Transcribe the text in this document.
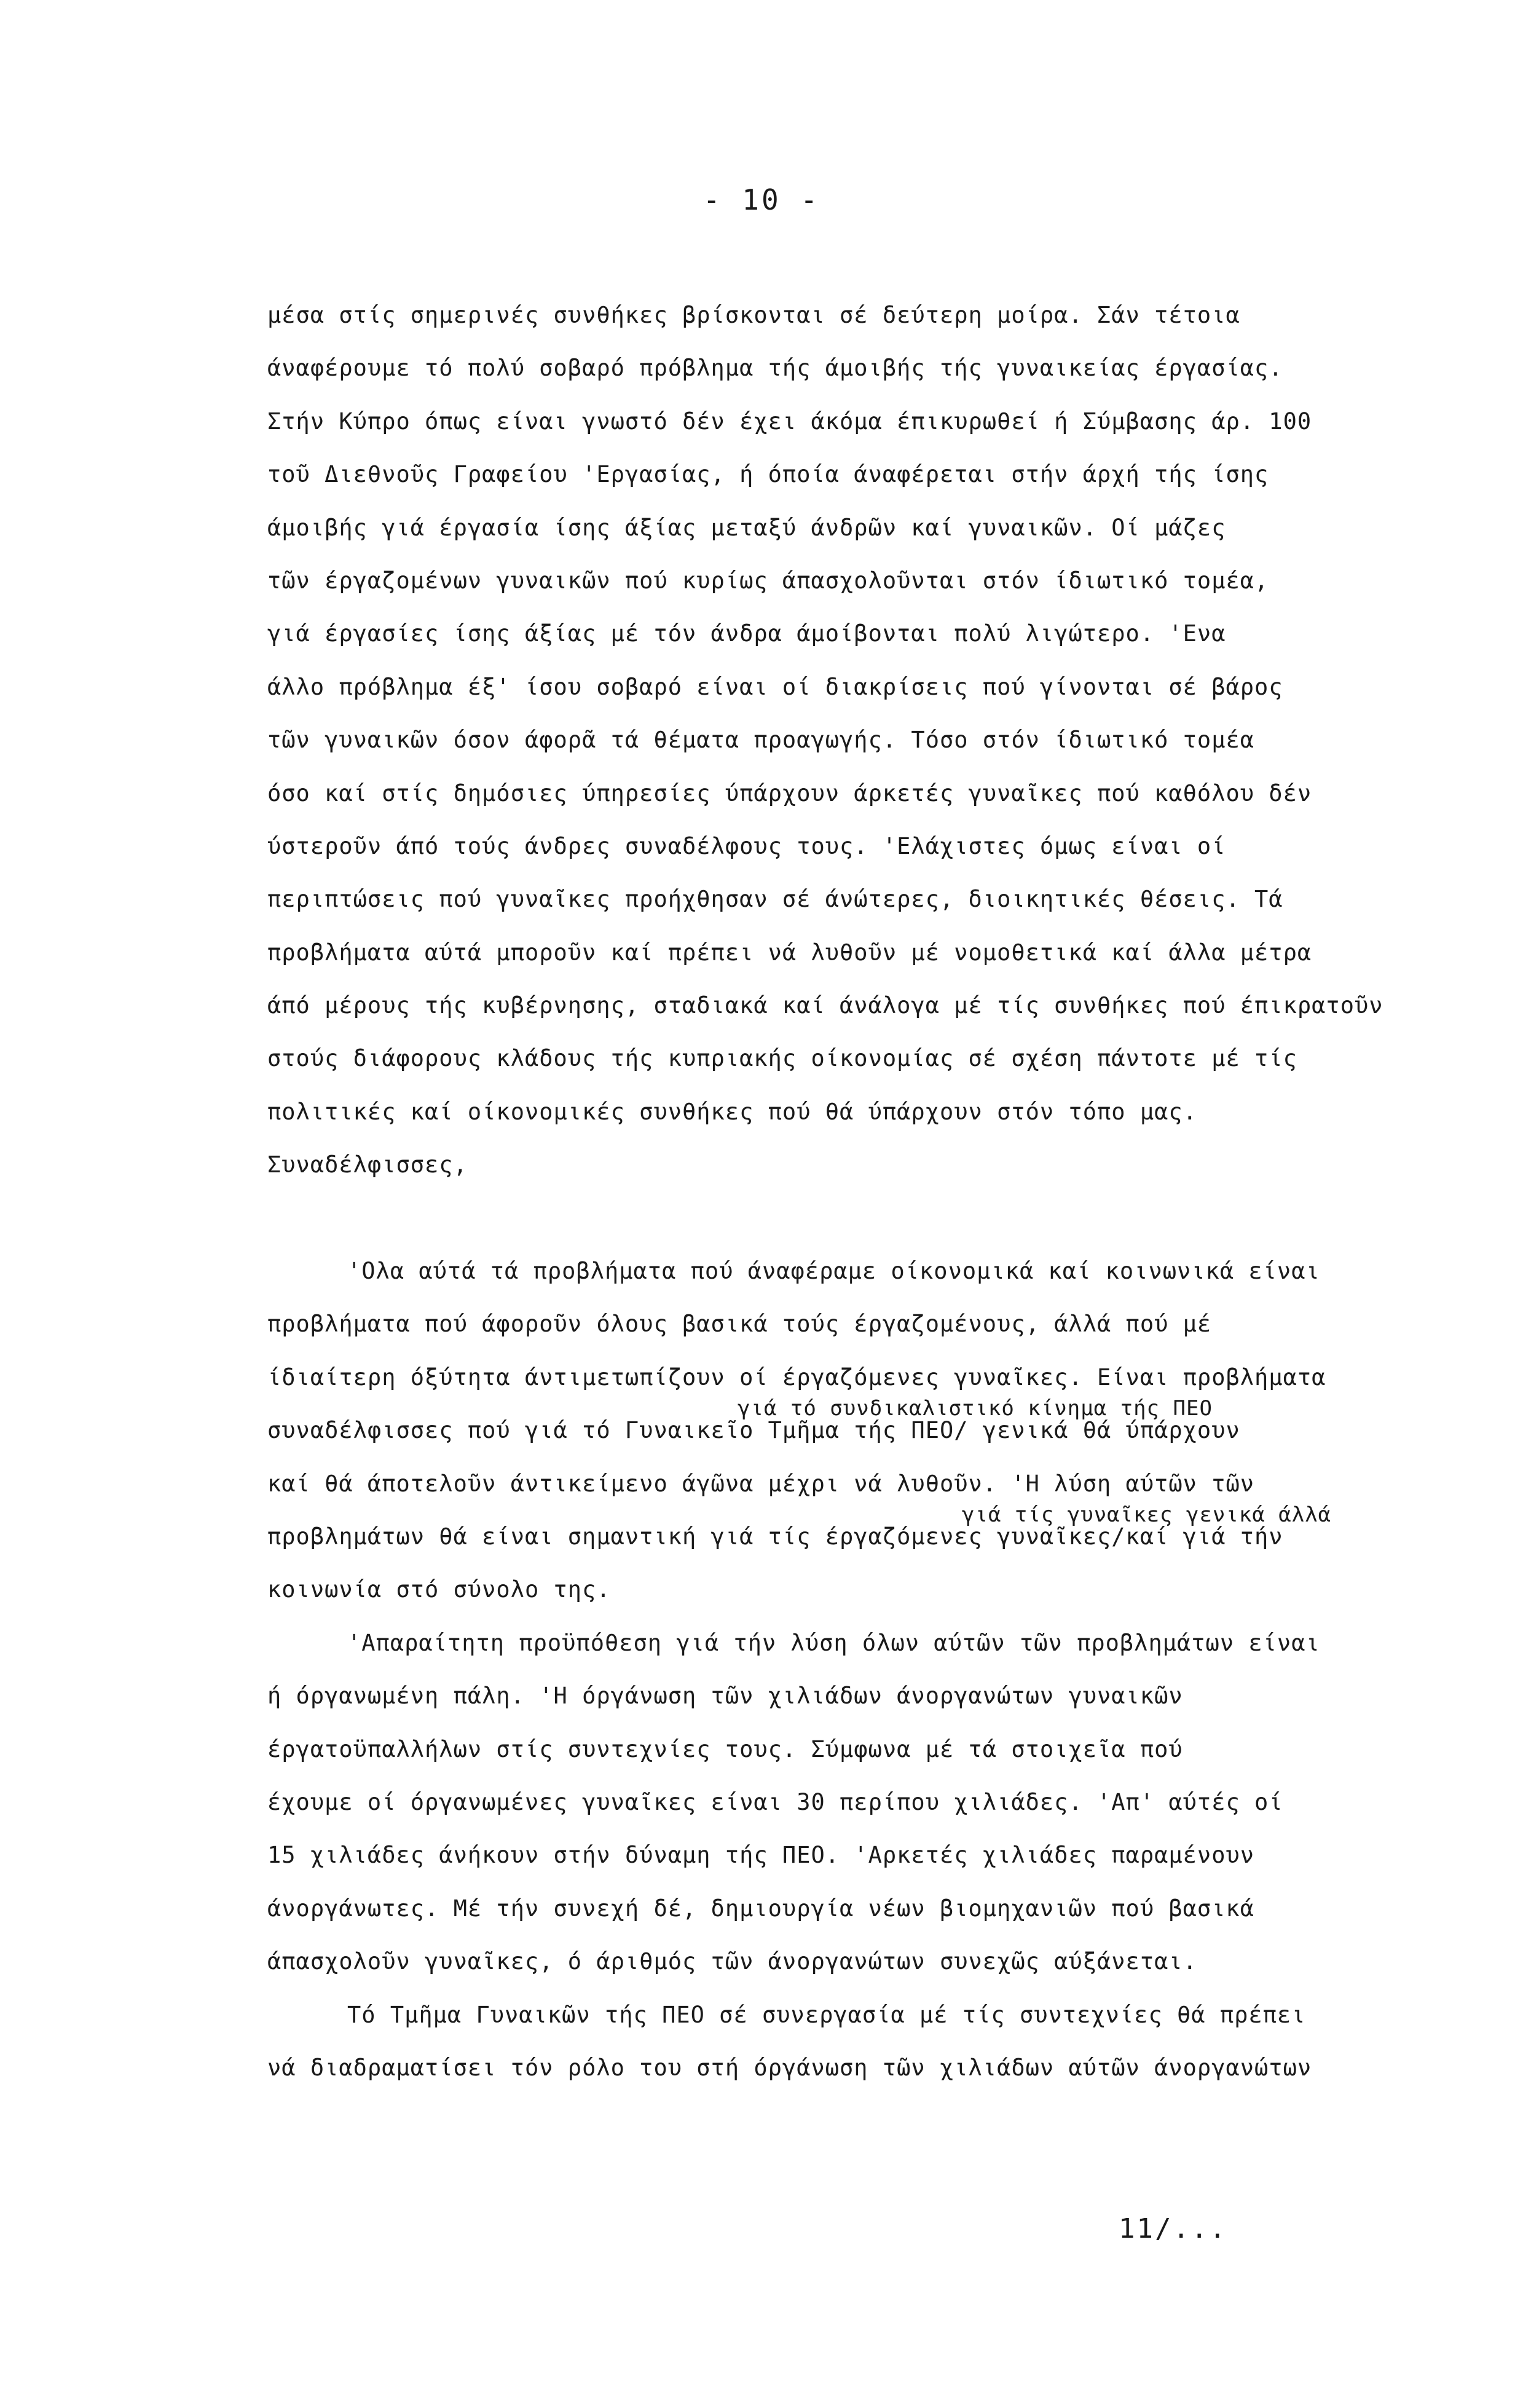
- 10 -
μέσα στίς σημερινές συνθήκες βρίσκονται σέ δεύτερη μοίρα. Σάν τέτοια
άναφέρουμε τό πολύ σοβαρό πρόβλημα τής άμοιβής τής γυναικείας έργασίας.
Στήν Κύπρο όπως είναι γνωστό δέν έχει άκόμα έπικυρωθεί ή Σύμβασης άρ. 100
τοῦ Διεθνοῦς Γραφείου 'Εργασίας, ή όποία άναφέρεται στήν άρχή τής ίσης
άμοιβής γιά έργασία ίσης άξίας μεταξύ άνδρῶν καί γυναικῶν. Οί μάζες
τῶν έργαζομένων γυναικῶν πού κυρίως άπασχολοῦνται στόν ίδιωτικό τομέα,
γιά έργασίες ίσης άξίας μέ τόν άνδρα άμοίβονται πολύ λιγώτερο. 'Ενα
άλλο πρόβλημα έξ' ίσου σοβαρό είναι οί διακρίσεις πού γίνονται σέ βάρος
τῶν γυναικῶν όσον άφορᾶ τά θέματα προαγωγής. Τόσο στόν ίδιωτικό τομέα
όσο καί στίς δημόσιες ύπηρεσίες ύπάρχουν άρκετές γυναῖκες πού καθόλου δέν
ύστεροῦν άπό τούς άνδρες συναδέλφους τους. 'Ελάχιστες όμως είναι οί
περιπτώσεις πού γυναῖκες προήχθησαν σέ άνώτερες, διοικητικές θέσεις. Τά
προβλήματα αύτά μποροῦν καί πρέπει νά λυθοῦν μέ νομοθετικά καί άλλα μέτρα
άπό μέρους τής κυβέρνησης, σταδιακά καί άνάλογα μέ τίς συνθήκες πού έπικρατοῦν
στούς διάφορους κλάδους τής κυπριακής οίκονομίας σέ σχέση πάντοτε μέ τίς
πολιτικές καί οίκονομικές συνθήκες πού θά ύπάρχουν στόν τόπο μας.
Συναδέλφισσες,
'Ολα αύτά τά προβλήματα πού άναφέραμε οίκονομικά καί κοινωνικά είναι
προβλήματα πού άφοροῦν όλους βασικά τούς έργαζομένους, άλλά πού μέ
ίδιαίτερη όξύτητα άντιμετωπίζουν οί έργαζόμενες γυναῖκες. Είναι προβλήματα
γιά τό συνδικαλιστικό κίνημα τής ΠΕΟ
συναδέλφισσες πού γιά τό Γυναικεῖο Τμῆμα τής ΠΕΟ/ γενικά θά ύπάρχουν
καί θά άποτελοῦν άντικείμενο άγῶνα μέχρι νά λυθοῦν. 'Η λύση αύτῶν τῶν
γιά τίς γυναῖκες γενικά άλλά
προβλημάτων θά είναι σημαντική γιά τίς έργαζόμενες γυναῖκες/καί γιά τήν
κοινωνία στό σύνολο της.
'Απαραίτητη προϋπόθεση γιά τήν λύση όλων αύτῶν τῶν προβλημάτων είναι
ή όργανωμένη πάλη. 'Η όργάνωση τῶν χιλιάδων άνοργανώτων γυναικῶν
έργατοϋπαλλήλων στίς συντεχνίες τους. Σύμφωνα μέ τά στοιχεῖα πού
έχουμε οί όργανωμένες γυναῖκες είναι 30 περίπου χιλιάδες. 'Απ' αύτές οί
15 χιλιάδες άνήκουν στήν δύναμη τής ΠΕΟ. 'Αρκετές χιλιάδες παραμένουν
άνοργάνωτες. Μέ τήν συνεχή δέ, δημιουργία νέων βιομηχανιῶν πού βασικά
άπασχολοῦν γυναῖκες, ό άριθμός τῶν άνοργανώτων συνεχῶς αύξάνεται.
Τό Τμῆμα Γυναικῶν τής ΠΕΟ σέ συνεργασία μέ τίς συντεχνίες θά πρέπει
νά διαδραματίσει τόν ρόλο του στή όργάνωση τῶν χιλιάδων αύτῶν άνοργανώτων
11/...
